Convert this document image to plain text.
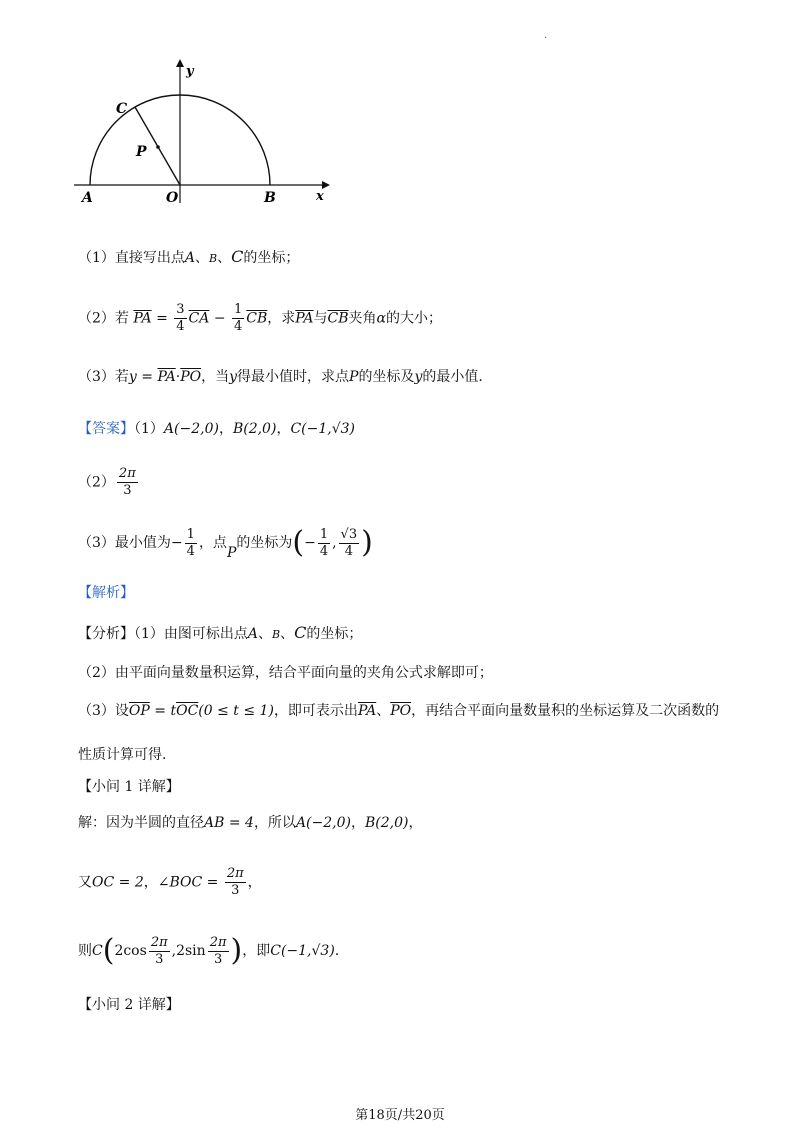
·
y
x
C
P
A	O	B
（1）直接写出点A、B、C的坐标；
（2）若 $\overline{PA} = \frac{3}{4} \overline{CA} - \frac{1}{4} \overline{CB}$，求$\overline{PA}$与$\overline{CB}$夹角α的大小；
（3）若$y = \overline{PA}\cdot\overline{PO}$，当y得最小值时，求点P的坐标及y的最小值.
【答案】（1）A(−2,0)，B(2,0)，C(−1,√3)
$(2) \frac{2\pi}{3}$
（3）最小值为− $\frac{1}{4}$ ，点P的坐标为(− $\frac{1}{4}$ , $\frac{√3}{4}$ )
【解析】
【分析】（1）由图可标出点A、B、C的坐标；
（2）由平面向量数量积运算，结合平面向量的夹角公式求解即可；
（3）设$\overline{OP} = t\overline{OC}(0 \le t \le 1)$，即可表示出$\overline{PA}$、$\overline{PO}$，再结合平面向量数量积的坐标运算及二次函数的
性质计算可得.
【小问 1 详解】
解：因为半圆的直径AB = 4，所以A(−2,0)，B(2,0)，
又OC = 2，∠BOC = $\frac{2\pi}{3}$ ，
则$C(2\cos \frac{2\pi}{3} ,2\sin \frac{2\pi}{3}$ )，即C(−1,√3).
【小问 2 详解】
第18页/共20页
